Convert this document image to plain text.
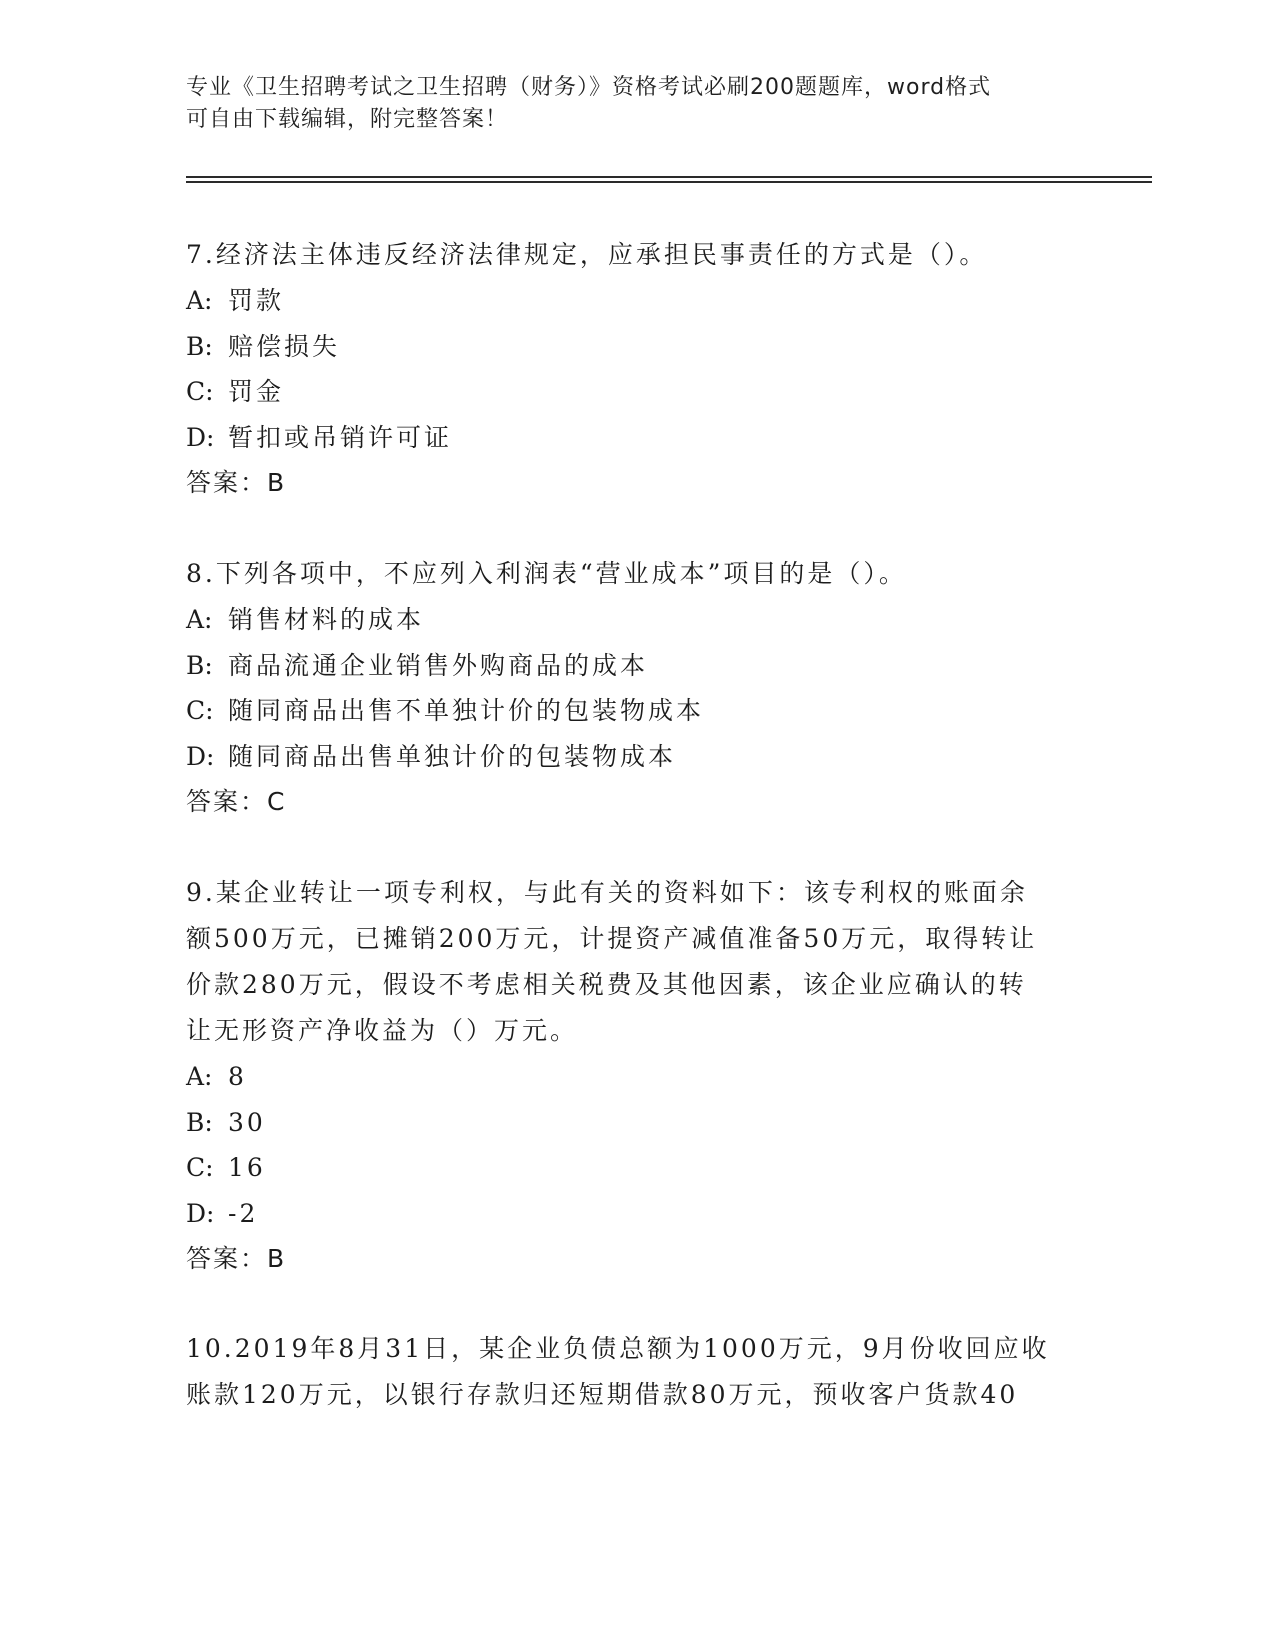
专业《卫生招聘考试之卫生招聘（财务）》资格考试必刷200题题库，word格式
可自由下载编辑，附完整答案！

7.经济法主体违反经济法律规定，应承担民事责任的方式是（）。

A: 罚款

B: 赔偿损失

C: 罚金

D: 暂扣或吊销许可证

答案：B

8.下列各项中，不应列入利润表“营业成本”项目的是（）。

A: 销售材料的成本

B: 商品流通企业销售外购商品的成本

C: 随同商品出售不单独计价的包装物成本

D: 随同商品出售单独计价的包装物成本

答案：C

9.某企业转让一项专利权，与此有关的资料如下：该专利权的账面余

额500万元，已摊销200万元，计提资产减值准备50万元，取得转让

价款280万元，假设不考虑相关税费及其他因素，该企业应确认的转

让无形资产净收益为（）万元。

A: 8

B: 30

C: 16

D: -2

答案：B

10.2019年8月31日，某企业负债总额为1000万元，9月份收回应收

账款120万元，以银行存款归还短期借款80万元，预收客户货款40
